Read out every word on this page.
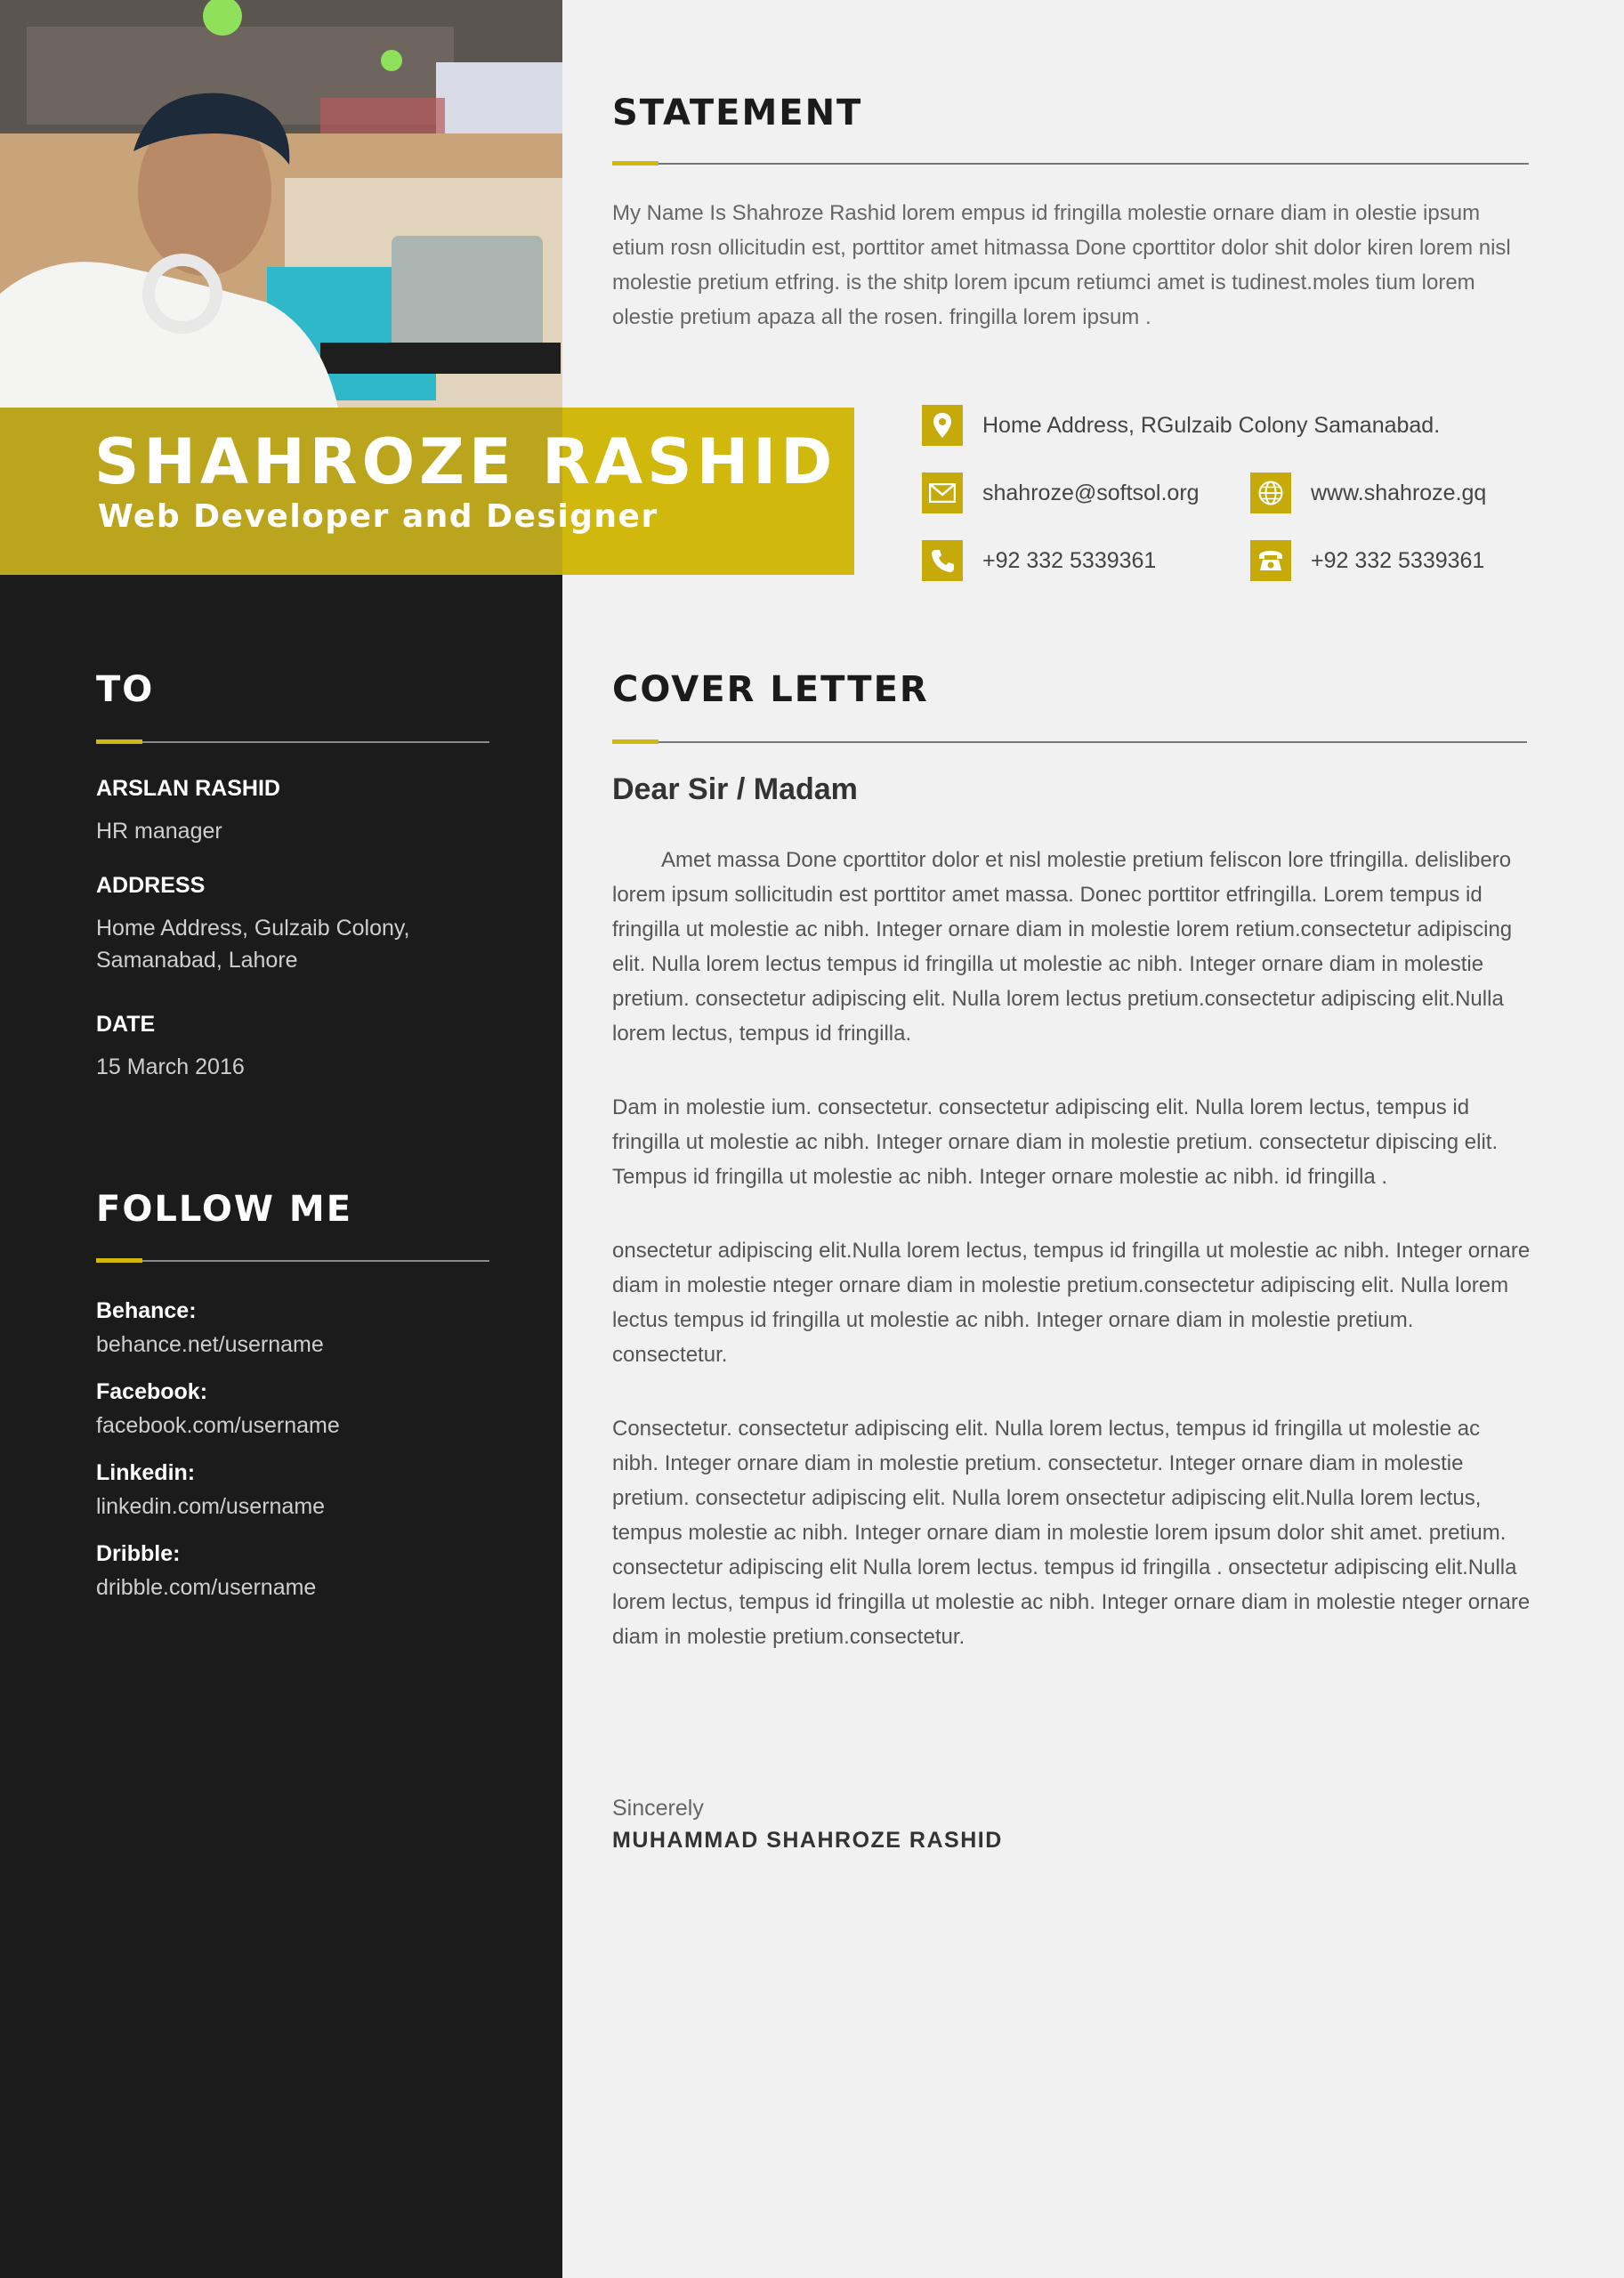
TO
ARSLAN RASHID
HR manager
ADDRESS
Home Address, Gulzaib Colony,
Samanabad, Lahore
DATE
15 March 2016
FOLLOW ME
Behance:
behance.net/username
Facebook:
facebook.com/username
Linkedin:
linkedin.com/username
Dribble:
dribble.com/username
SHAHROZE RASHID
Web Developer and Designer
STATEMENT
My Name Is Shahroze Rashid lorem empus id fringilla molestie ornare diam in olestie ipsum etium rosn ollicitudin est, porttitor amet hitmassa Done cporttitor dolor shit dolor kiren lorem nisl molestie pretium etfring. is the shitp lorem ipcum retiumci amet is tudinest.moles tium lorem olestie pretium apaza all the rosen. fringilla lorem ipsum .
Home Address, RGulzaib Colony Samanabad.
shahroze@softsol.org	www.shahroze.gq
+92 332 5339361	+92 332 5339361
COVER LETTER
Dear Sir / Madam

Amet massa Done cporttitor dolor et nisl molestie pretium feliscon lore tfringilla. delislibero lorem ipsum sollicitudin est porttitor amet massa. Donec porttitor etfringilla. Lorem tempus id fringilla ut molestie ac nibh. Integer ornare diam in molestie lorem retium.consectetur adipiscing elit. Nulla lorem lectus tempus id fringilla ut molestie ac nibh. Integer ornare diam in molestie pretium. consectetur adipiscing elit. Nulla lorem lectus pretium.consectetur adipiscing elit.Nulla lorem lectus, tempus id fringilla.

Dam in molestie ium. consectetur. consectetur adipiscing elit. Nulla lorem lectus, tempus id fringilla ut molestie ac nibh. Integer ornare diam in molestie pretium. consectetur dipiscing elit. Tempus id fringilla ut molestie ac nibh. Integer ornare molestie ac nibh. id fringilla .

onsectetur adipiscing elit.Nulla lorem lectus, tempus id fringilla ut molestie ac nibh. Integer ornare diam in molestie nteger ornare diam in molestie pretium.consectetur adipiscing elit. Nulla lorem lectus tempus id fringilla ut molestie ac nibh. Integer ornare diam in molestie pretium. consectetur.

Consectetur. consectetur adipiscing elit. Nulla lorem lectus, tempus id fringilla ut molestie ac nibh. Integer ornare diam in molestie pretium. consectetur. Integer ornare diam in molestie pretium. consectetur adipiscing elit. Nulla lorem onsectetur adipiscing elit.Nulla lorem lectus, tempus molestie ac nibh. Integer ornare diam in molestie lorem ipsum dolor shit amet. pretium. consectetur adipiscing elit Nulla lorem lectus. tempus id fringilla . onsectetur adipiscing elit.Nulla lorem lectus, tempus id fringilla ut molestie ac nibh. Integer ornare diam in molestie nteger ornare diam in molestie pretium.consectetur.

Sincerely
MUHAMMAD SHAHROZE RASHID
